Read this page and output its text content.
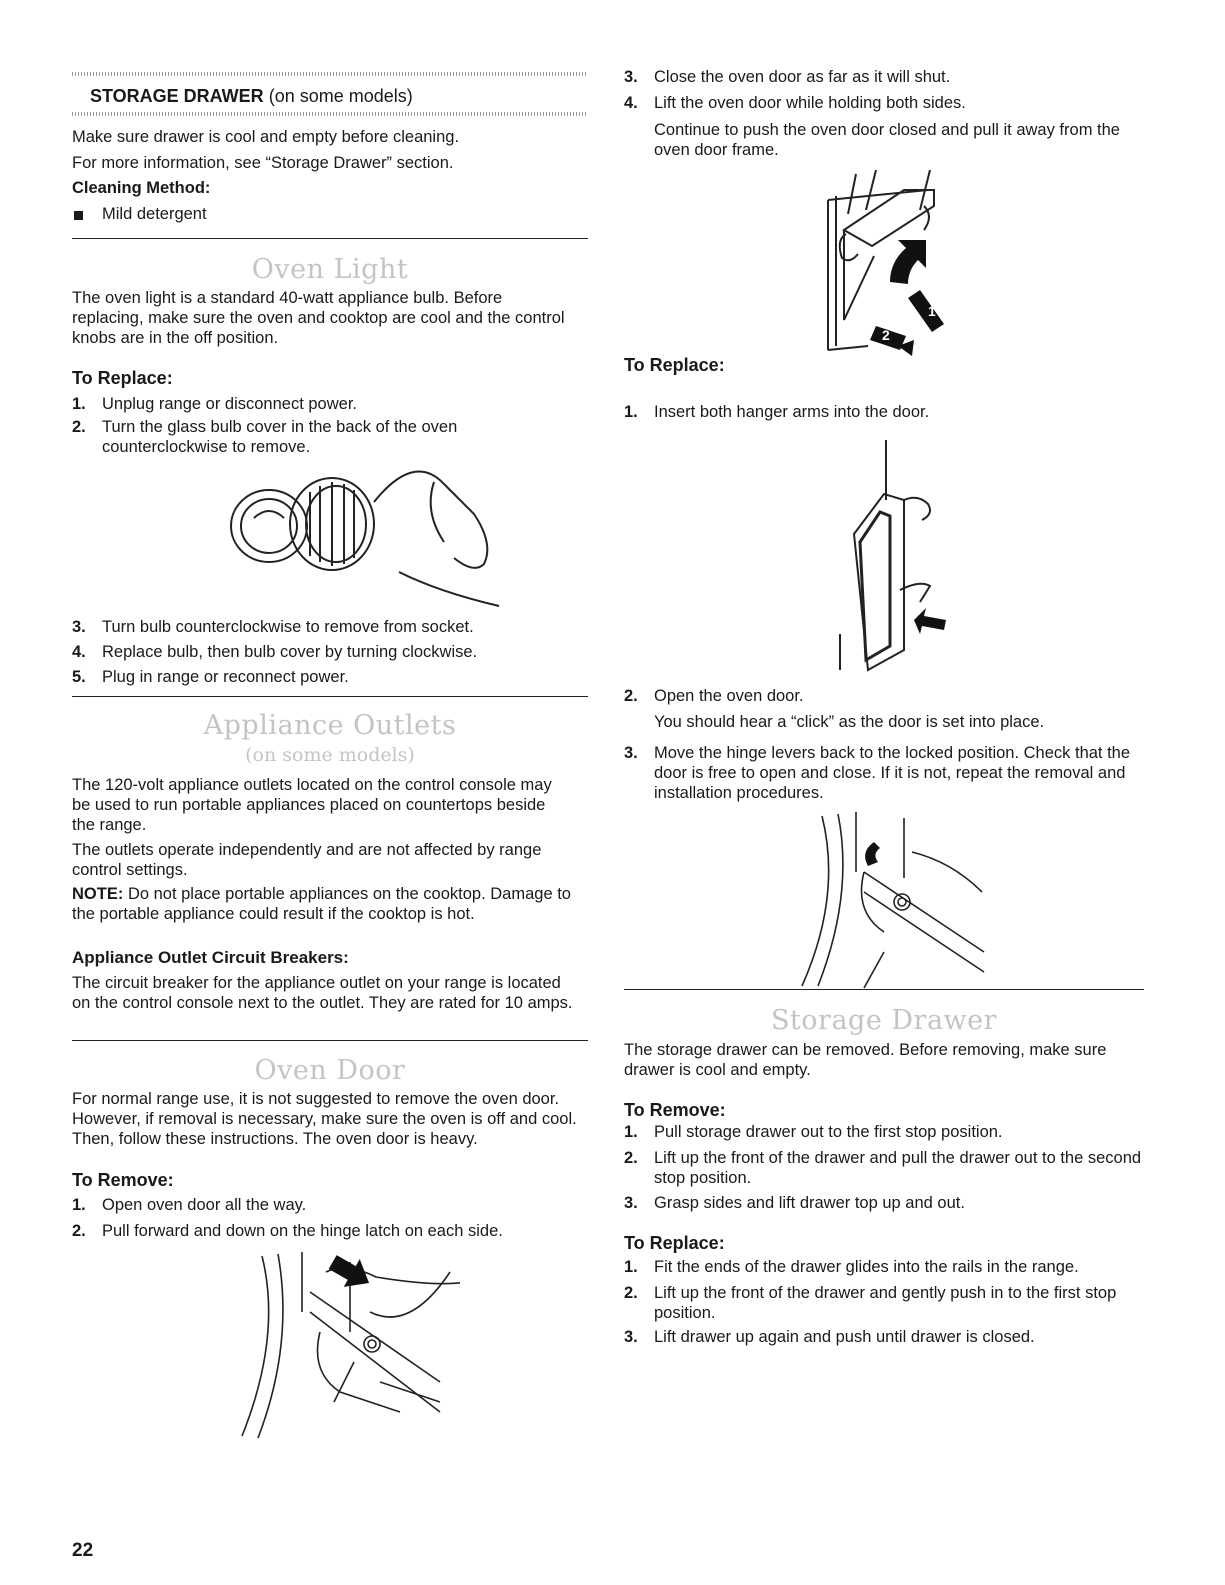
STORAGE DRAWER (on some models)

Make sure drawer is cool and empty before cleaning.

For more information, see “Storage Drawer” section.

Cleaning Method:
Mild detergent
Oven Light

The oven light is a standard 40-watt appliance bulb. Before replacing, make sure the oven and cooktop are cool and the control knobs are in the off position.

To Replace:
1. Unplug range or disconnect power.
2. Turn the glass bulb cover in the back of the oven counterclockwise to remove.
3. Turn bulb counterclockwise to remove from socket.
4. Replace bulb, then bulb cover by turning clockwise.
5. Plug in range or reconnect power.
Appliance Outlets
(on some models)

The 120-volt appliance outlets located on the control console may be used to run portable appliances placed on countertops beside the range.

The outlets operate independently and are not affected by range control settings.

NOTE: Do not place portable appliances on the cooktop. Damage to the portable appliance could result if the cooktop is hot.

Appliance Outlet Circuit Breakers:

The circuit breaker for the appliance outlet on your range is located on the control console next to the outlet. They are rated for 10 amps.

Oven Door

For normal range use, it is not suggested to remove the oven door. However, if removal is necessary, make sure the oven is off and cool. Then, follow these instructions. The oven door is heavy.

To Remove:
1. Open oven door all the way.
2. Pull forward and down on the hinge latch on each side.
22
3. Close the oven door as far as it will shut.
4. Lift the oven door while holding both sides.

Continue to push the oven door closed and pull it away from the oven door frame.

1
2
To Replace:
1. Insert both hanger arms into the door.
2. Open the oven door.

You should hear a “click” as the door is set into place.

3. Move the hinge levers back to the locked position. Check that the door is free to open and close. If it is not, repeat the removal and installation procedures.
Storage Drawer

The storage drawer can be removed. Before removing, make sure drawer is cool and empty.

To Remove:
1. Pull storage drawer out to the first stop position.
2. Lift up the front of the drawer and pull the drawer out to the second stop position.
3. Grasp sides and lift drawer top up and out.
To Replace:
1. Fit the ends of the drawer glides into the rails in the range.
2. Lift up the front of the drawer and gently push in to the first stop position.
3. Lift drawer up again and push until drawer is closed.
